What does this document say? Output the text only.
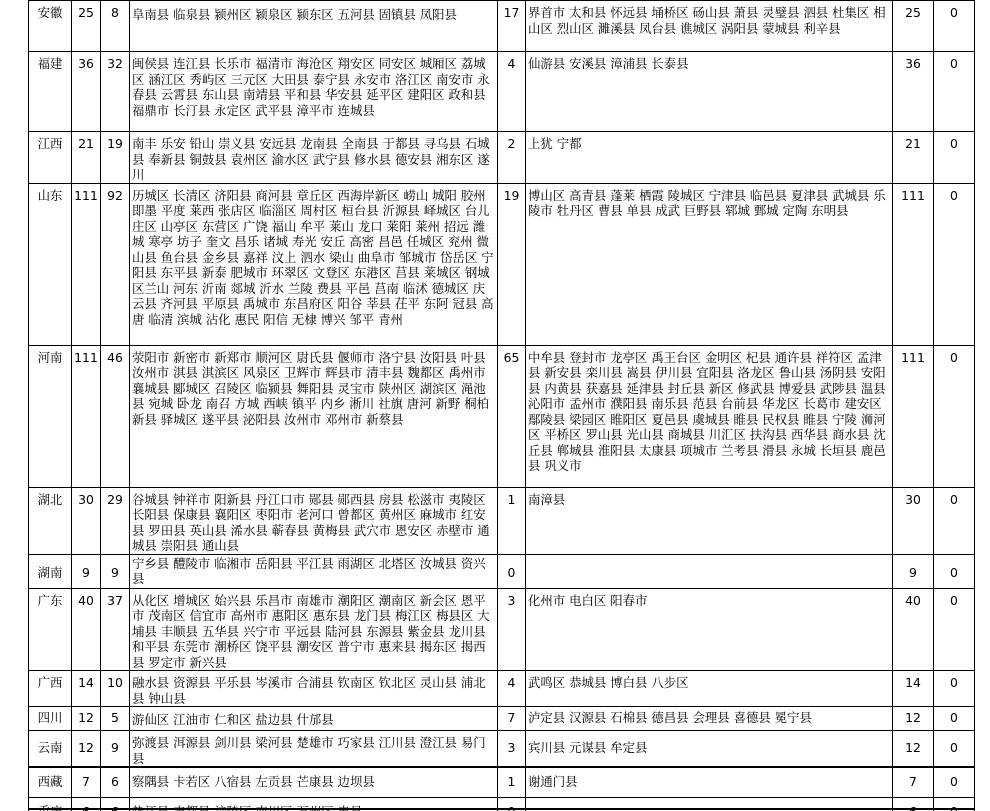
安徽	25	8	阜南县 临泉县 颍州区 颍泉区 颍东区 五河县 固镇县 凤阳县	17	界首市 太和县 怀远县 埇桥区 砀山县 萧县 灵璧县 泗县 杜集区 相山区 烈山区 濉溪县 凤台县 谯城区 涡阳县 蒙城县 利辛县	25	0
福建	36	32	闽侯县 连江县 长乐市 福清市 海沧区 翔安区 同安区 城厢区 荔城区 涵江区 秀屿区 三元区 大田县 泰宁县 永安市 洛江区 南安市 永春县 云霄县 东山县 南靖县 平和县 华安县 延平区 建阳区 政和县 福鼎市 长汀县 永定区 武平县 漳平市 连城县	4	仙游县 安溪县 漳浦县 长泰县	36	0
江西	21	19	南丰 乐安 铅山 崇义县 安远县 龙南县 全南县 于都县 寻乌县 石城县 奉新县 铜鼓县 袁州区 渝水区 武宁县 修水县 德安县 湘东区 遂川	2	上犹 宁都	21	0
山东	111	92	历城区 长清区 济阳县 商河县 章丘区 西海岸新区 崂山 城阳 胶州 即墨 平度 莱西 张店区 临淄区 周村区 桓台县 沂源县 峄城区 台儿庄区 山亭区 东营区 广饶 福山 牟平 莱山 龙口 莱阳 莱州 招远 潍城 寒亭 坊子 奎文 昌乐 诸城 寿光 安丘 高密 昌邑 任城区 兖州 微山县 鱼台县 金乡县 嘉祥 汶上 泗水 梁山 曲阜市 邹城市 岱岳区 宁阳县 东平县 新泰 肥城市 环翠区 文登区 东港区 莒县 莱城区 钢城区兰山 河东 沂南 郯城 沂水 兰陵 费县 平邑 莒南 临沭 德城区 庆云县 齐河县 平原县 禹城市 东昌府区 阳谷 莘县 茌平 东阿 冠县 高唐 临清 滨城 沾化 惠民 阳信 无棣 博兴 邹平 青州	19	博山区 高青县 蓬莱 栖霞 陵城区 宁津县 临邑县 夏津县 武城县 乐陵市 牡丹区 曹县 单县 成武 巨野县 郓城 鄄城 定陶 东明县	111	0
河南	111	46	荥阳市 新密市 新郑市 顺河区 尉氏县 偃师市 洛宁县 汝阳县 叶县 汝州市 淇县 淇滨区 风泉区 卫辉市 辉县市 清丰县 魏都区 禹州市 襄城县 郾城区 召陵区 临颍县 舞阳县 灵宝市 陕州区 湖滨区 渑池县 宛城 卧龙 南召 方城 西峡 镇平 内乡 淅川 社旗 唐河 新野 桐柏 新县 驿城区 遂平县 泌阳县 汝州市 邓州市 新蔡县	65	中牟县 登封市 龙亭区 禹王台区 金明区 杞县 通许县 祥符区 孟津县 新安县 栾川县 嵩县 伊川县 宜阳县 洛龙区 鲁山县 汤阴县 安阳县 内黄县 获嘉县 延津县 封丘县 新区 修武县 博爱县 武陟县 温县 沁阳市 孟州市 濮阳县 南乐县 范县 台前县 华龙区 长葛市 建安区 鄢陵县 梁园区 睢阳区 夏邑县 虞城县 睢县 民权县 睢县 宁陵 浉河区 平桥区 罗山县 光山县 商城县 川汇区 扶沟县 西华县 商水县 沈丘县 郸城县 淮阳县 太康县 项城市 兰考县 滑县 永城 长垣县 鹿邑县 巩义市	111	0
湖北	30	29	谷城县 钟祥市 阳新县 丹江口市 郧县 郧西县 房县 松滋市 夷陵区 长阳县 保康县 襄阳区 枣阳市 老河口 曾都区 黄州区 麻城市 红安县 罗田县 英山县 浠水县 蕲春县 黄梅县 武穴市 恩安区 赤壁市 通城县 崇阳县 通山县	1	南漳县	30	0
湖南	9	9	宁乡县 醴陵市 临湘市 岳阳县 平江县 雨湖区 北塔区 汝城县 资兴县	0		9	0
广东	40	37	从化区 增城区 始兴县 乐昌市 南雄市 潮阳区 潮南区 新会区 恩平市 茂南区 信宜市 高州市 惠阳区 惠东县 龙门县 梅江区 梅县区 大埔县 丰顺县 五华县 兴宁市 平远县 陆河县 东源县 紫金县 龙川县 和平县 东莞市 潮桥区 饶平县 潮安区 普宁市 惠来县 揭东区 揭西县 罗定市 新兴县	3	化州市 电白区 阳春市	40	0
广西	14	10	融水县 资源县 平乐县 岑溪市 合浦县 钦南区 钦北区 灵山县 浦北县 钟山县	4	武鸣区 恭城县 博白县 八步区	14	0
四川	12	5	游仙区 江油市 仁和区 盐边县 什邡县	7	泸定县 汉源县 石棉县 德昌县 会理县 喜德县 冕宁县	12	0
云南	12	9	弥渡县 洱源县 剑川县 梁河县 楚雄市 巧家县 江川县 澄江县 易门县	3	宾川县 元谋县 牟定县	12	0
西藏	7	6	察隅县 卡若区 八宿县 左贡县 芒康县 边坝县	1	谢通门县	7	0
